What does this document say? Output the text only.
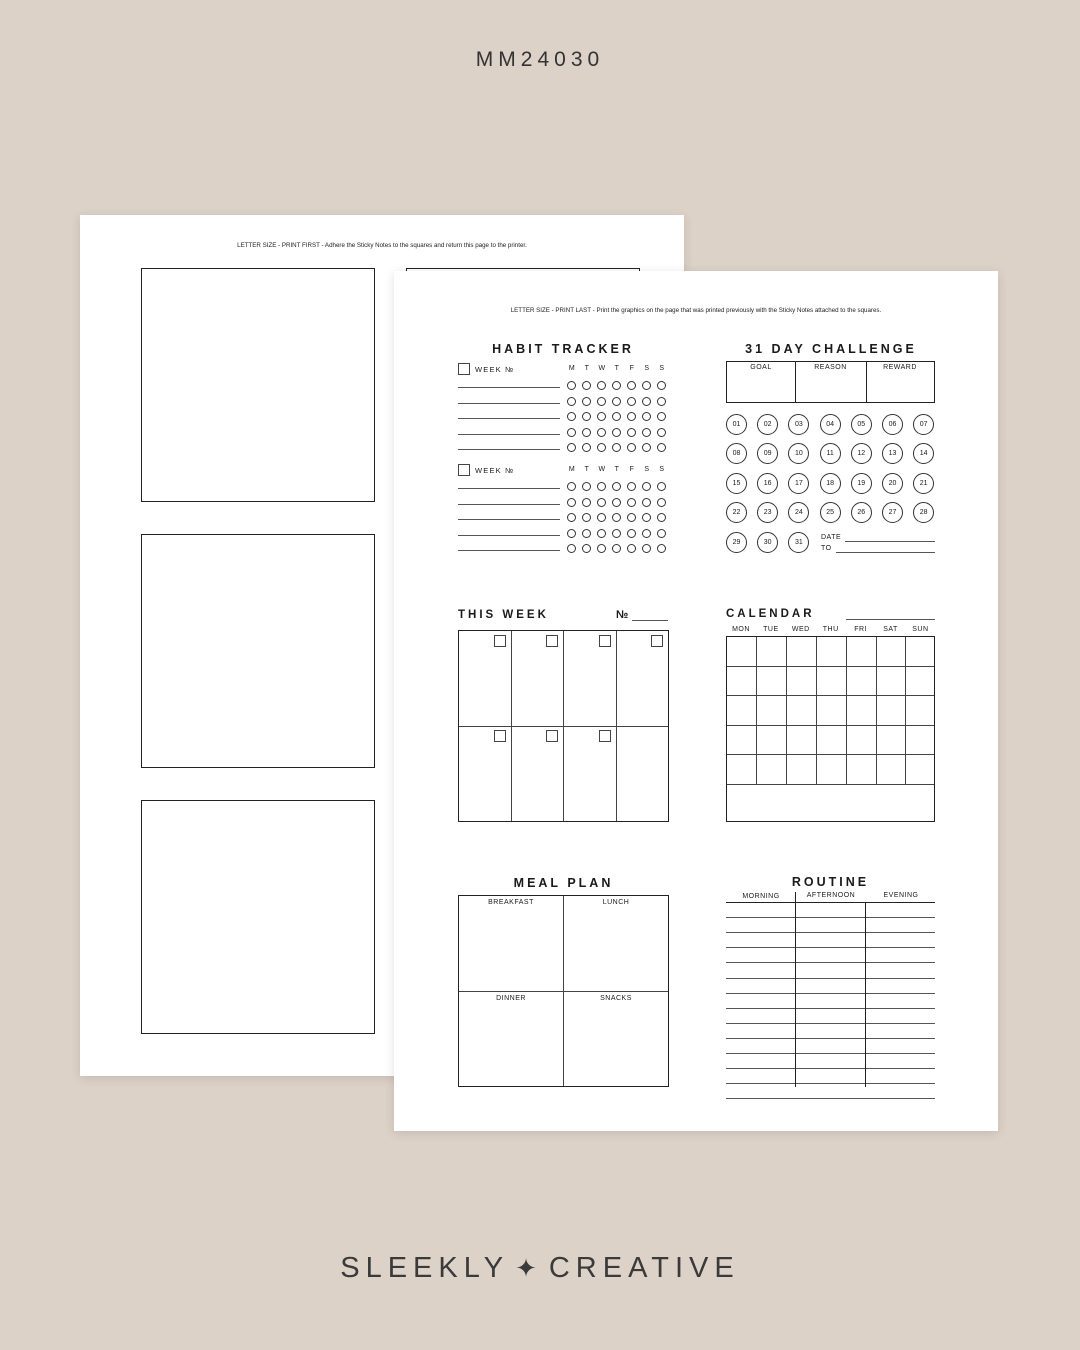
MM24030
LETTER SIZE - PRINT FIRST - Adhere the Sticky Notes to the squares and return this page to the printer.
LETTER SIZE - PRINT LAST - Print the graphics on the page that was printed previously with the Sticky Notes attached to the squares.
HABIT TRACKER
WEEK №	M	T	W	T	F	S	S
WEEK №	M	T	W	T	F	S	S
31 DAY CHALLENGE
GOAL	REASON	REWARD
01	02	03	04	05	06	07
08	09	10	11	12	13	14
15	16	17	18	19	20	21
22	23	24	25	26	27	28
29	30	31
DATE
TO
THIS WEEK	№	CALENDAR
MON	TUE	WED	THU	FRI	SAT	SUN
MEAL PLAN
BREAKFAST	LUNCH
DINNER	SNACKS
ROUTINE
MORNING	AFTERNOON	EVENING
SLEEKLY ✦ CREATIVE
